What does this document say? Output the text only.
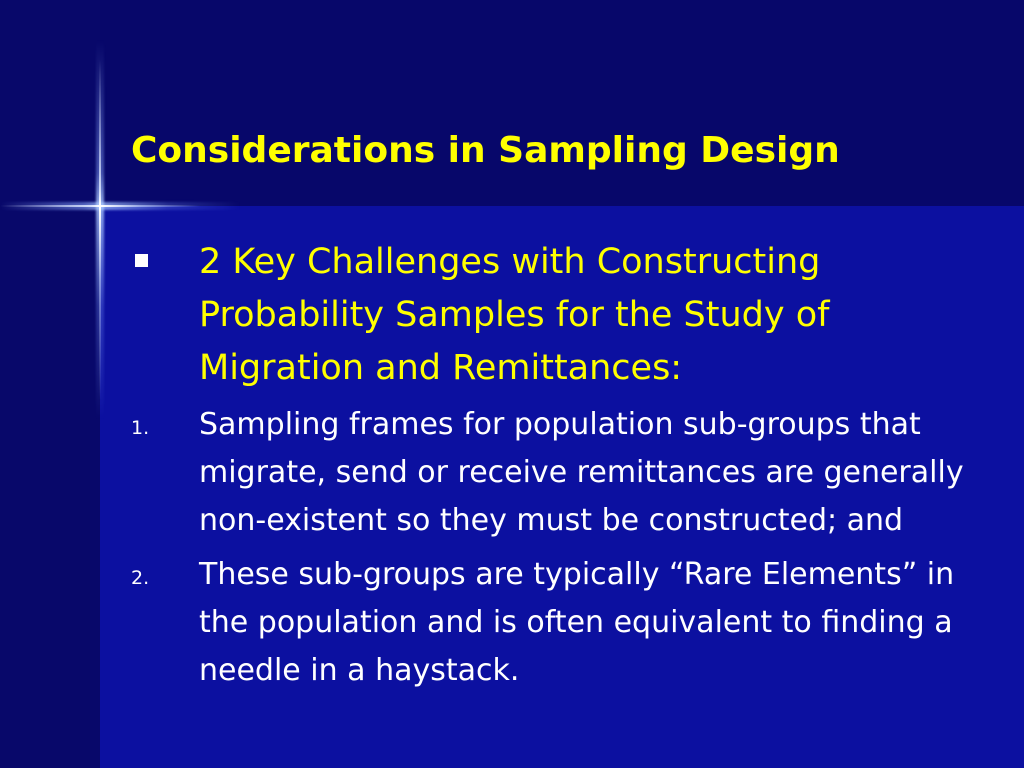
Considerations in Sampling Design
2 Key Challenges with Constructing Probability Samples for the Study of Migration and Remittances:
1.	Sampling frames for population sub-groups that migrate, send or receive remittances are generally non-existent so they must be constructed; and
2.	These sub-groups are typically “Rare Elements” in the population and is often equivalent to finding a needle in a haystack.
